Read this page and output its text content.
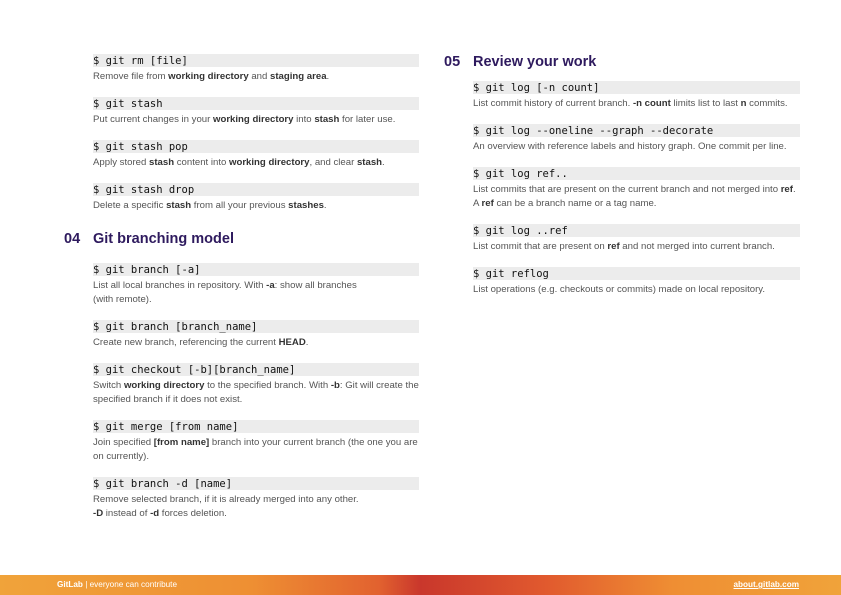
$ git rm [file]
Remove file from working directory and staging area.
$ git stash
Put current changes in your working directory into stash for later use.
$ git stash pop
Apply stored stash content into working directory, and clear stash.
$ git stash drop
Delete a specific stash from all your previous stashes.
04 Git branching model
$ git branch [-a]
List all local branches in repository. With -a: show all branches
(with remote).
$ git branch [branch_name]
Create new branch, referencing the current HEAD.
$ git checkout [-b][branch_name]
Switch working directory to the specified branch. With -b: Git will create the specified branch if it does not exist.
$ git merge [from name]
Join specified [from name] branch into your current branch (the one you are on currently).
$ git branch -d [name]
Remove selected branch, if it is already merged into any other.
-D instead of -d forces deletion.
05 Review your work
$ git log [-n count]
List commit history of current branch. -n count limits list to last n commits.
$ git log --oneline --graph --decorate
An overview with reference labels and history graph. One commit per line.
$ git log ref..
List commits that are present on the current branch and not merged into ref. A ref can be a branch name or a tag name.
$ git log ..ref
List commit that are present on ref and not merged into current branch.
$ git reflog
List operations (e.g. checkouts or commits) made on local repository.
GitLab | everyone can contribute	about.gitlab.com
